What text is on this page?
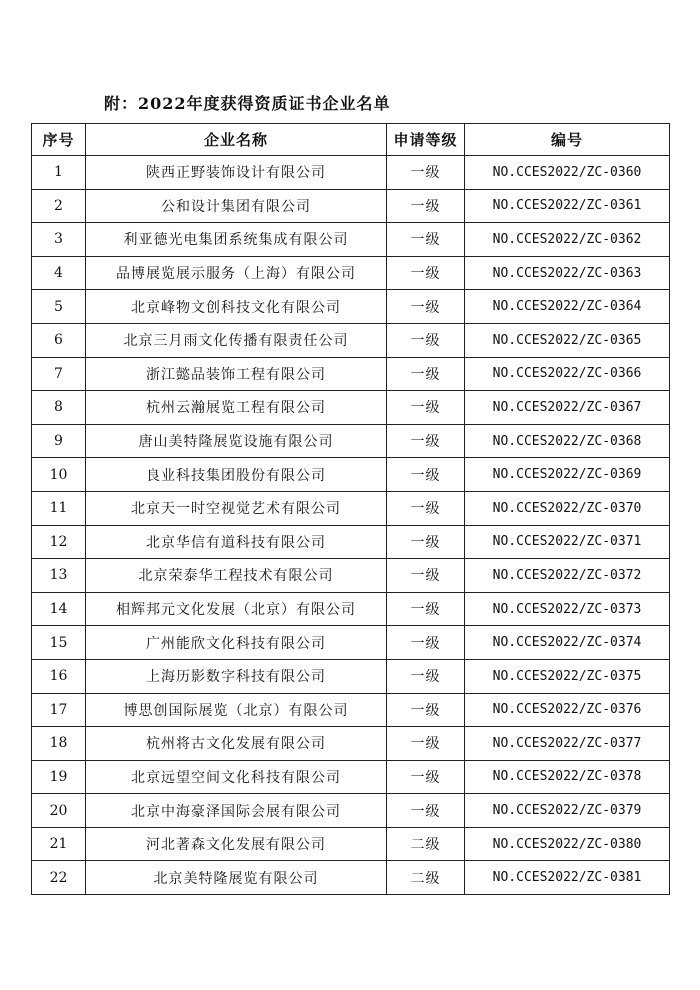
附：2022年度获得资质证书企业名单
序号	企业名称	申请等级	编号
1	陕西正野装饰设计有限公司	一级	NO.CCES2022/ZC-0360
2	公和设计集团有限公司	一级	NO.CCES2022/ZC-0361
3	利亚德光电集团系统集成有限公司	一级	NO.CCES2022/ZC-0362
4	品博展览展示服务（上海）有限公司	一级	NO.CCES2022/ZC-0363
5	北京峰物文创科技文化有限公司	一级	NO.CCES2022/ZC-0364
6	北京三月雨文化传播有限责任公司	一级	NO.CCES2022/ZC-0365
7	浙江懿品装饰工程有限公司	一级	NO.CCES2022/ZC-0366
8	杭州云瀚展览工程有限公司	一级	NO.CCES2022/ZC-0367
9	唐山美特隆展览设施有限公司	一级	NO.CCES2022/ZC-0368
10	良业科技集团股份有限公司	一级	NO.CCES2022/ZC-0369
11	北京天一时空视觉艺术有限公司	一级	NO.CCES2022/ZC-0370
12	北京华信有道科技有限公司	一级	NO.CCES2022/ZC-0371
13	北京荣泰华工程技术有限公司	一级	NO.CCES2022/ZC-0372
14	相辉邦元文化发展（北京）有限公司	一级	NO.CCES2022/ZC-0373
15	广州能欣文化科技有限公司	一级	NO.CCES2022/ZC-0374
16	上海历影数字科技有限公司	一级	NO.CCES2022/ZC-0375
17	博思创国际展览（北京）有限公司	一级	NO.CCES2022/ZC-0376
18	杭州将古文化发展有限公司	一级	NO.CCES2022/ZC-0377
19	北京远望空间文化科技有限公司	一级	NO.CCES2022/ZC-0378
20	北京中海豪泽国际会展有限公司	一级	NO.CCES2022/ZC-0379
21	河北著森文化发展有限公司	二级	NO.CCES2022/ZC-0380
22	北京美特隆展览有限公司	二级	NO.CCES2022/ZC-0381
